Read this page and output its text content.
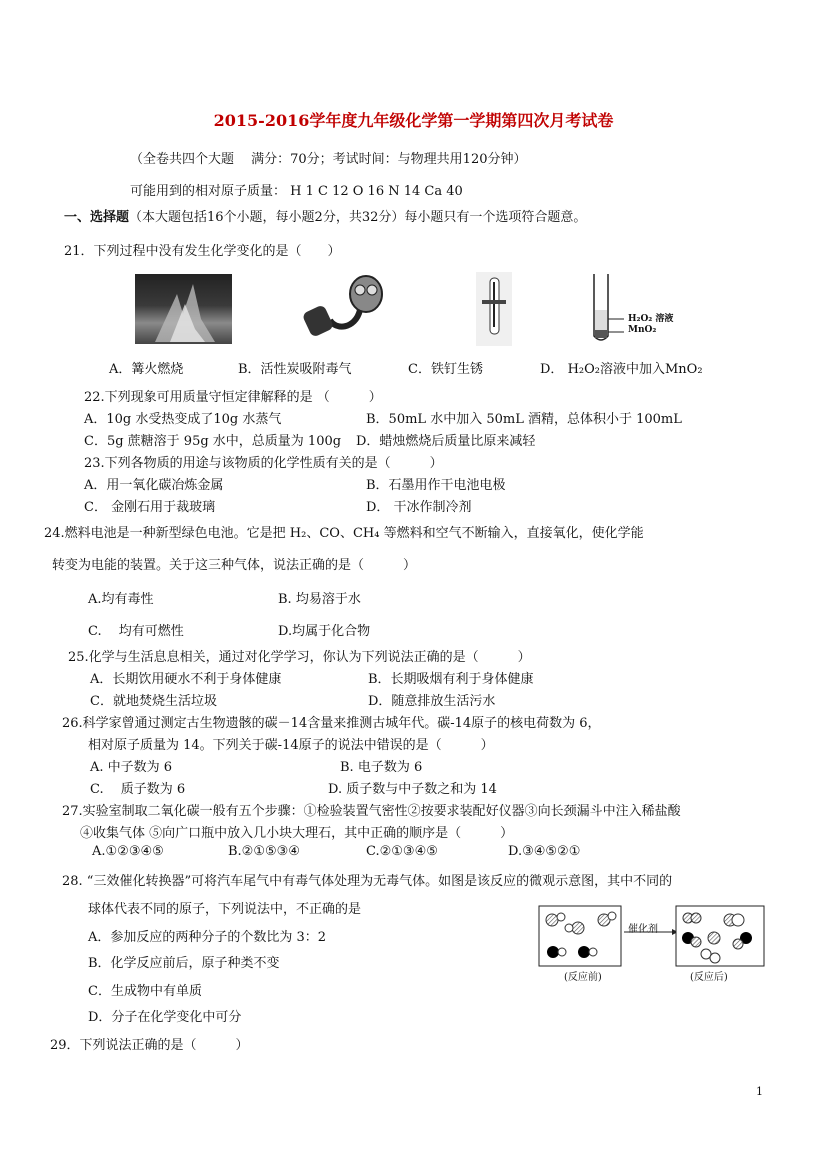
2015-2016学年度九年级化学第一学期第四次月考试卷
（全卷共四个大题　 满分：70分；考试时间：与物理共用120分钟）
可能用到的相对原子质量： H 1 C 12 O 16 N 14 Ca 40
一、选择题（本大题包括16个小题，每小题2分，共32分）每小题只有一个选项符合题意。
21．下列过程中没有发生化学变化的是（　　）
H₂O₂ 溶液
MnO₂
A．篝火燃烧	B．活性炭吸附毒气	C．铁钉生锈	D． H₂O₂溶液中加入MnO₂
22.下列现象可用质量守恒定律解释的是 （　　　）
A．10g 水受热变成了10g 水蒸气	B．50mL 水中加入 50mL 酒精，总体积小于 100mL
C．5g 蔗糖溶于 95g 水中，总质量为 100g D．蜡烛燃烧后质量比原来减轻
23.下列各物质的用途与该物质的化学性质有关的是（　　　）
A．用一氧化碳冶炼金属	B．石墨用作干电池电极
C． 金刚石用于裁玻璃	D． 干冰作制冷剂
24.燃料电池是一种新型绿色电池。它是把 H₂、CO、CH₄ 等燃料和空气不断输入，直接氧化，使化学能
转变为电能的装置。关于这三种气体，说法正确的是（　　　）
A.均有毒性	B. 均易溶于水
C.　 均有可燃性	D.均属于化合物
25.化学与生活息息相关，通过对化学学习，你认为下列说法正确的是（　　　）
A．长期饮用硬水不利于身体健康	B．长期吸烟有利于身体健康
C．就地焚烧生活垃圾	D．随意排放生活污水
26.科学家曾通过测定古生物遗骸的碳－14含量来推测古城年代。碳-14原子的核电荷数为 6，
相对原子质量为 14。下列关于碳-14原子的说法中错误的是（　　　）
A. 中子数为 6	B. 电子数为 6
C.　 质子数为 6	D. 质子数与中子数之和为 14
27.实验室制取二氧化碳一般有五个步骤：①检验装置气密性②按要求装配好仪器③向长颈漏斗中注入稀盐酸
④收集气体 ⑤向广口瓶中放入几小块大理石，其中正确的顺序是（　　　）
A.①②③④⑤	B.②①⑤③④	C.②①③④⑤	D.③④⑤②①
28. “三效催化转换器”可将汽车尾气中有毒气体处理为无毒气体。如图是该反应的微观示意图，其中不同的
球体代表不同的原子，下列说法中，不正确的是
A．参加反应的两种分子的个数比为 3：2
B．化学反应前后，原子种类不变
C．生成物中有单质
D．分子在化学变化中可分
催化剂
(反应前)	(反应后)
29．下列说法正确的是（　　　）
1
